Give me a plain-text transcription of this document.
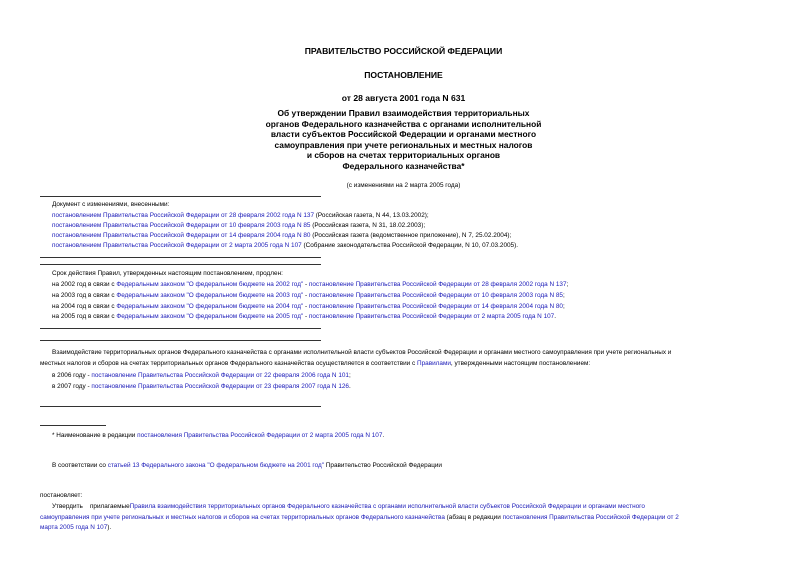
ПРАВИТЕЛЬСТВО РОССИЙСКОЙ ФЕДЕРАЦИИ
ПОСТАНОВЛЕНИЕ
от 28 августа 2001 года N 631
Об утверждении Правил взаимодействия территориальных
органов Федерального казначейства с органами исполнительной
власти субъектов Российской Федерации и органами местного
самоуправления при учете региональных и местных налогов
и сборов на счетах территориальных органов
Федерального казначейства*
(с изменениями на 2 марта 2005 года)
Документ с изменениями, внесенными:
постановлением Правительства Российской Федерации от 28 февраля 2002 года N 137 (Российская газета, N 44, 13.03.2002);
постановлением Правительства Российской Федерации от 10 февраля 2003 года N 85 (Российская газета, N 31, 18.02.2003);
постановлением Правительства Российской Федерации от 14 февраля 2004 года N 80 (Российская газета (ведомственное приложение), N 7, 25.02.2004);
постановлением Правительства Российской Федерации от 2 марта 2005 года N 107 (Собрание законодательства Российской Федерации, N 10, 07.03.2005).
Срок действия Правил, утвержденных настоящим постановлением, продлен:
на 2002 год в связи с Федеральным законом "О федеральном бюджете на 2002 год" - постановление Правительства Российской Федерации от 28 февраля 2002 года N 137;
на 2003 год в связи с Федеральным законом "О федеральном бюджете на 2003 год" - постановление Правительства Российской Федерации от 10 февраля 2003 года N 85;
на 2004 год в связи с Федеральным законом "О федеральном бюджете на 2004 год" - постановление Правительства Российской Федерации от 14 февраля 2004 года N 80;
на 2005 год в связи с Федеральным законом "О федеральном бюджете на 2005 год" - постановление Правительства Российской Федерации от 2 марта 2005 года N 107.
Взаимодействие территориальных органов Федерального казначейства с органами исполнительной власти субъектов Российской Федерации и органами местного самоуправления при учете региональных и
местных налогов и сборов на счетах территориальных органов Федерального казначейства осуществляется в соответствии с Правилами, утвержденными настоящим постановлением:
в 2006 году - постановление Правительства Российской Федерации от 22 февраля 2006 года N 101;
в 2007 году - постановление Правительства Российской Федерации от 23 февраля 2007 года N 126.
* Наименование в редакции постановления Правительства Российской Федерации от 2 марта 2005 года N 107.
В соответствии со статьей 13 Федерального закона "О федеральном бюджете на 2001 год" Правительство Российской Федерации
постановляет:
Утвердить прилагаемыеПравила взаимодействия территориальных органов Федерального казначейства с органами исполнительной власти субъектов Российской Федерации и органами местного
самоуправления при учете региональных и местных налогов и сборов на счетах территориальных органов Федерального казначейства (абзац в редакции постановления Правительства Российской Федерации от 2
марта 2005 года N 107).
